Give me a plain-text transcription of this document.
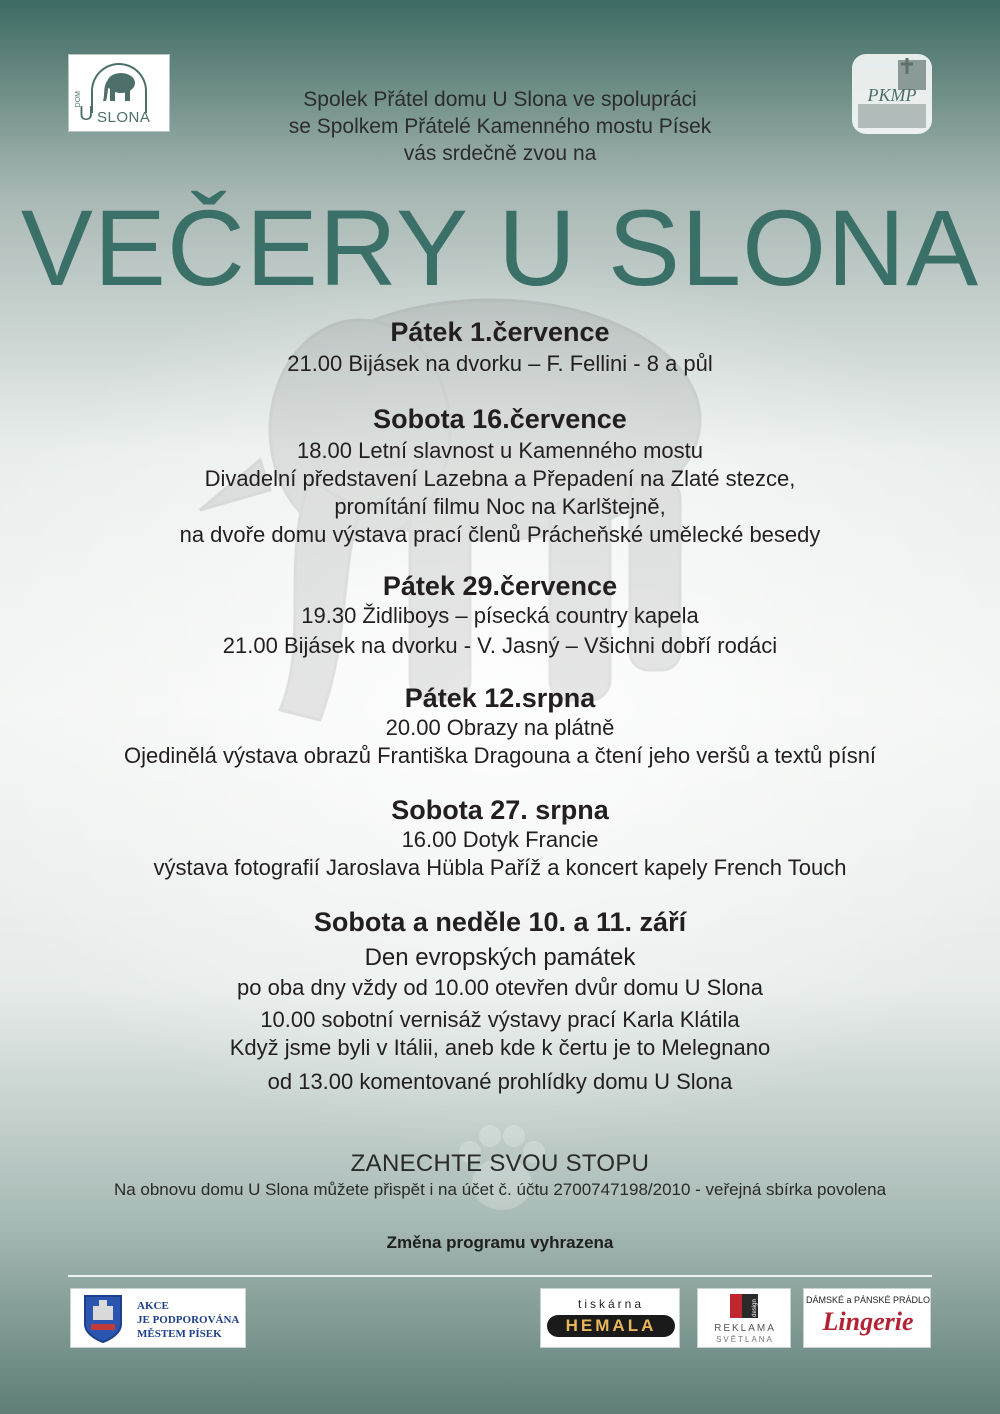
DOM
U SLONA
PKMP
Spolek Přátel domu U Slona ve spolupráci
se Spolkem Přátelé Kamenného mostu Písek
vás srdečně zvou na
VEČERY U SLONA
Pátek 1.července
21.00 Bijásek na dvorku – F. Fellini - 8 a půl
Sobota 16.července
18.00 Letní slavnost u Kamenného mostu
Divadelní představení Lazebna a Přepadení na Zlaté stezce,
promítání filmu Noc na Karlštejně,
na dvoře domu výstava prací členů Prácheňské umělecké besedy
Pátek 29.července
19.30 Židliboys – písecká country kapela
21.00 Bijásek na dvorku - V. Jasný – Všichni dobří rodáci
Pátek 12.srpna
20.00 Obrazy na plátně
Ojedinělá výstava obrazů Františka Dragouna a čtení jeho veršů a textů písní
Sobota 27. srpna
16.00 Dotyk Francie
výstava fotografií Jaroslava Hübla Paříž a koncert kapely French Touch
Sobota a neděle 10. a 11. září
Den evropských památek
po oba dny vždy od 10.00 otevřen dvůr domu U Slona
10.00 sobotní vernisáž výstavy prací Karla Klátila
Když jsme byli v Itálii, aneb kde k čertu je to Melegnano
od 13.00 komentované prohlídky domu U Slona
ZANECHTE SVOU STOPU
Na obnovu domu U Slona můžete přispět i na účet č. účtu 2700747198/2010 - veřejná sbírka povolena
Změna programu vyhrazena
AKCE
JE PODPOROVÁNA
MĚSTEM PÍSEK
tiskárna
HEMALA
design
REKLAMA
SVĚTLANA
DÁMSKÉ a PÁNSKÉ PRÁDLO
Lingerie
